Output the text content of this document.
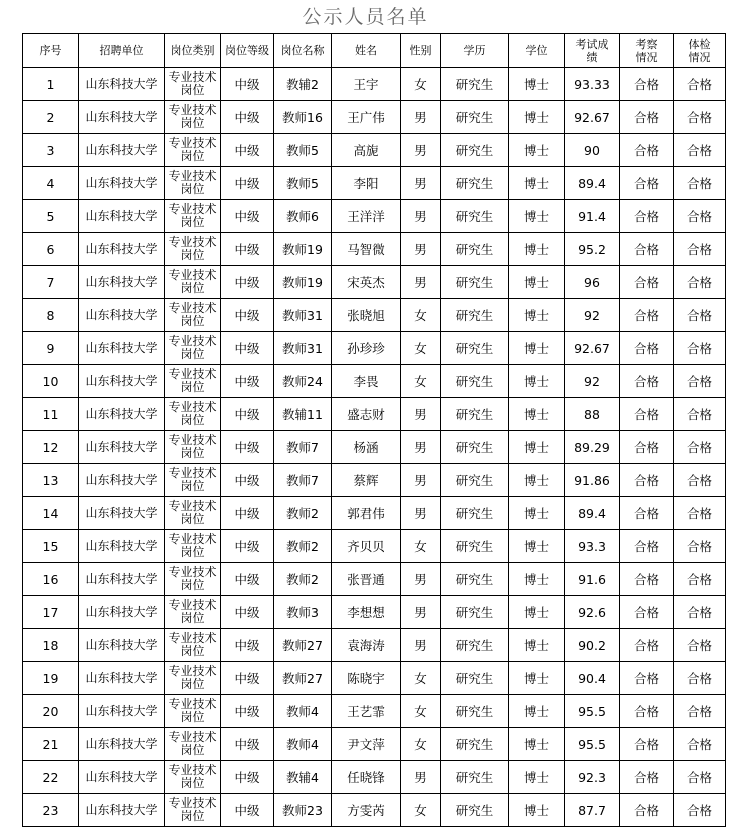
公示人员名单
序号	招聘单位	岗位类别	岗位等级	岗位名称	姓名	性别	学历	学位	考试成绩	考察情况	体检情况
1	山东科技大学	专业技术岗位	中级	教辅2	王宇	女	研究生	博士	93.33	合格	合格
2	山东科技大学	专业技术岗位	中级	教师16	王广伟	男	研究生	博士	92.67	合格	合格
3	山东科技大学	专业技术岗位	中级	教师5	高旎	男	研究生	博士	90	合格	合格
4	山东科技大学	专业技术岗位	中级	教师5	李阳	男	研究生	博士	89.4	合格	合格
5	山东科技大学	专业技术岗位	中级	教师6	王洋洋	男	研究生	博士	91.4	合格	合格
6	山东科技大学	专业技术岗位	中级	教师19	马智微	男	研究生	博士	95.2	合格	合格
7	山东科技大学	专业技术岗位	中级	教师19	宋英杰	男	研究生	博士	96	合格	合格
8	山东科技大学	专业技术岗位	中级	教师31	张晓旭	女	研究生	博士	92	合格	合格
9	山东科技大学	专业技术岗位	中级	教师31	孙珍珍	女	研究生	博士	92.67	合格	合格
10	山东科技大学	专业技术岗位	中级	教师24	李畏	女	研究生	博士	92	合格	合格
11	山东科技大学	专业技术岗位	中级	教辅11	盛志财	男	研究生	博士	88	合格	合格
12	山东科技大学	专业技术岗位	中级	教师7	杨涵	男	研究生	博士	89.29	合格	合格
13	山东科技大学	专业技术岗位	中级	教师7	蔡辉	男	研究生	博士	91.86	合格	合格
14	山东科技大学	专业技术岗位	中级	教师2	郭君伟	男	研究生	博士	89.4	合格	合格
15	山东科技大学	专业技术岗位	中级	教师2	齐贝贝	女	研究生	博士	93.3	合格	合格
16	山东科技大学	专业技术岗位	中级	教师2	张晋通	男	研究生	博士	91.6	合格	合格
17	山东科技大学	专业技术岗位	中级	教师3	李想想	男	研究生	博士	92.6	合格	合格
18	山东科技大学	专业技术岗位	中级	教师27	袁海涛	男	研究生	博士	90.2	合格	合格
19	山东科技大学	专业技术岗位	中级	教师27	陈晓宇	女	研究生	博士	90.4	合格	合格
20	山东科技大学	专业技术岗位	中级	教师4	王艺霏	女	研究生	博士	95.5	合格	合格
21	山东科技大学	专业技术岗位	中级	教师4	尹文萍	女	研究生	博士	95.5	合格	合格
22	山东科技大学	专业技术岗位	中级	教辅4	任晓锋	男	研究生	博士	92.3	合格	合格
23	山东科技大学	专业技术岗位	中级	教师23	方雯芮	女	研究生	博士	87.7	合格	合格
